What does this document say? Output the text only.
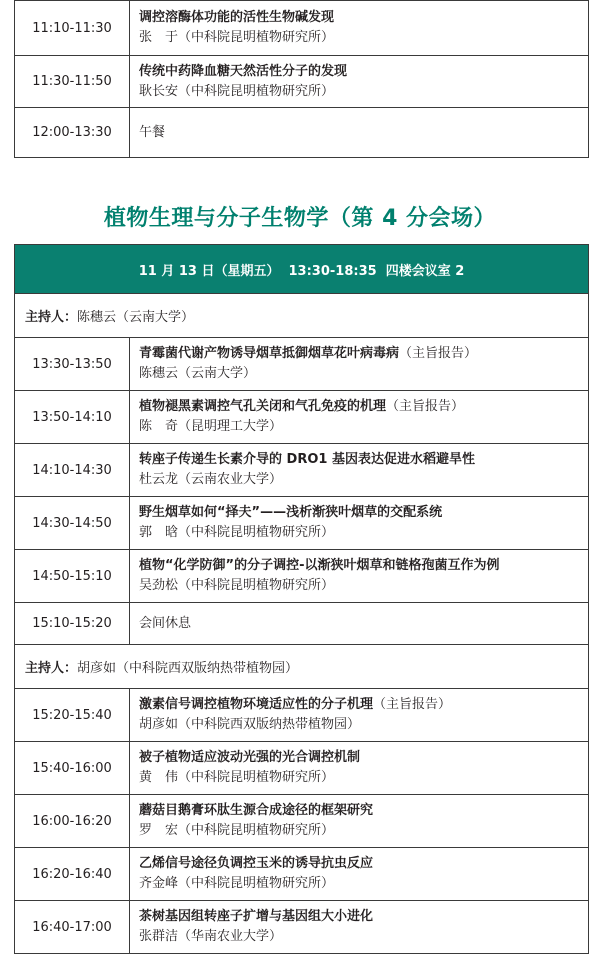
11:10-11:30	调控溶酶体功能的活性生物碱发现
张　于（中科院昆明植物研究所）

11:30-11:50	传统中药降血糖天然活性分子的发现
耿长安（中科院昆明植物研究所）

12:00-13:30	午餐
植物生理与分子生物学（第 4 分会场）
11 月 13 日（星期五）  13:30-18:35  四楼会议室 2	
主持人：陈穗云（云南大学）	
13:30-13:50	青霉菌代谢产物诱导烟草抵御烟草花叶病毒病（主旨报告）
陈穗云（云南大学）

13:50-14:10	植物褪黑素调控气孔关闭和气孔免疫的机理（主旨报告）
陈　奇（昆明理工大学）

14:10-14:30	转座子传递生长素介导的 DRO1 基因表达促进水稻避旱性
杜云龙（云南农业大学）

14:30-14:50	野生烟草如何“择夫”——浅析渐狭叶烟草的交配系统
郭　晗（中科院昆明植物研究所）

14:50-15:10	植物“化学防御”的分子调控-以渐狭叶烟草和链格孢菌互作为例
吴劲松（中科院昆明植物研究所）

15:10-15:20	会间休息
主持人：胡彦如（中科院西双版纳热带植物园）	
15:20-15:40	激素信号调控植物环境适应性的分子机理（主旨报告）
胡彦如（中科院西双版纳热带植物园）

15:40-16:00	被子植物适应波动光强的光合调控机制
黄　伟（中科院昆明植物研究所）

16:00-16:20	蘑菇目鹅膏环肽生源合成途径的框架研究
罗　宏（中科院昆明植物研究所）

16:20-16:40	乙烯信号途径负调控玉米的诱导抗虫反应
齐金峰（中科院昆明植物研究所）

16:40-17:00	茶树基因组转座子扩增与基因组大小进化
张群洁（华南农业大学）
